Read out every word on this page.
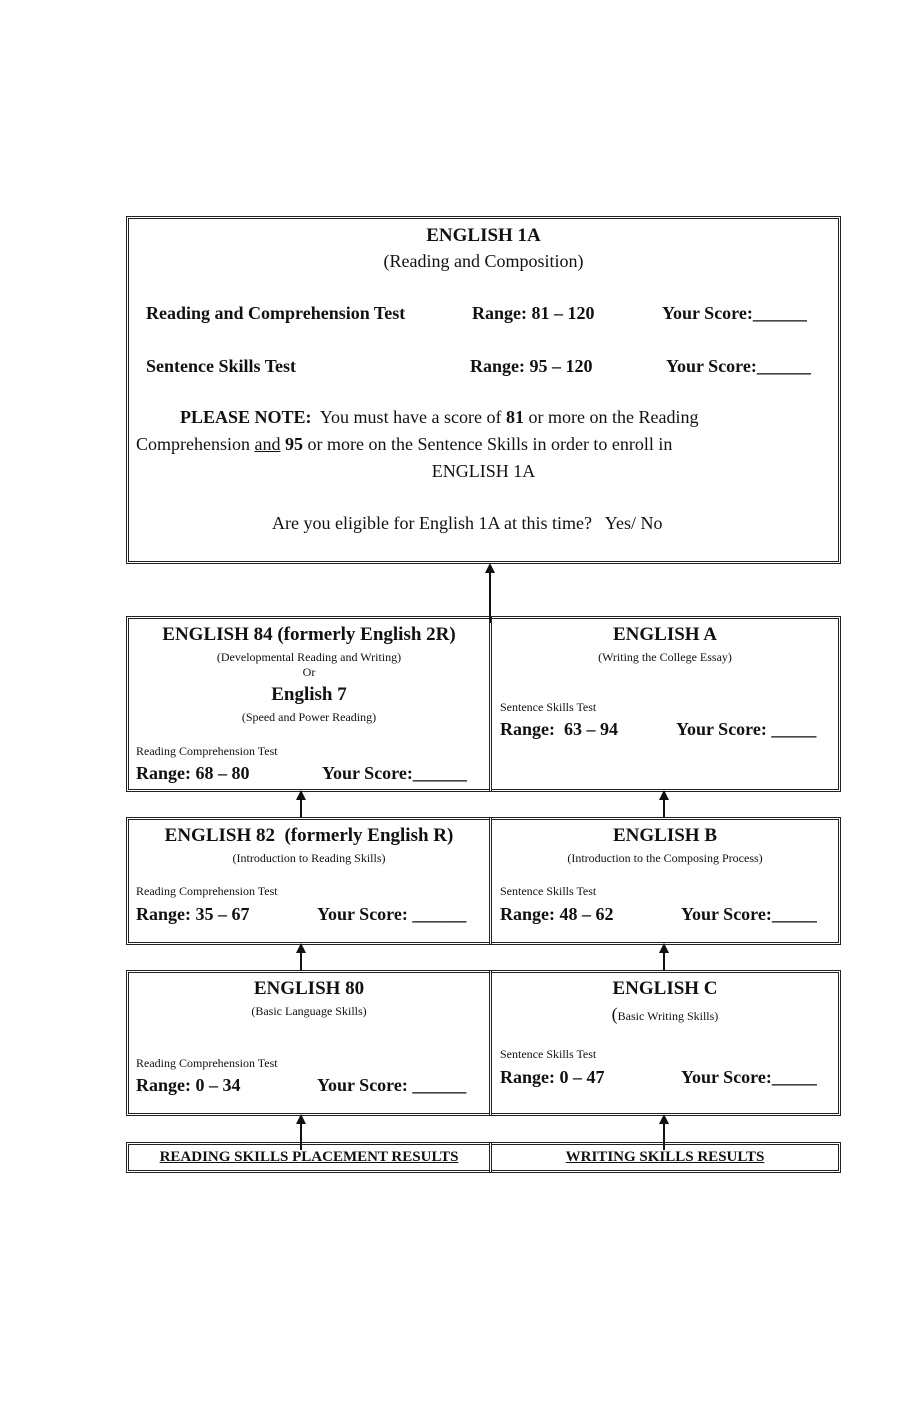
ENGLISH 1A
(Reading and Composition)
Reading and Comprehension Test	Range: 81 – 120	Your Score:______
Sentence Skills Test	Range: 95 – 120	Your Score:______
PLEASE NOTE:  You must have a score of 81 or more on the Reading
Comprehension and 95 or more on the Sentence Skills in order to enroll in
ENGLISH 1A
Are you eligible for English 1A at this time?   Yes/ No
ENGLISH 84 (formerly English 2R)
(Developmental Reading and Writing)
Or
English 7
(Speed and Power Reading)
Reading Comprehension Test
Range: 68 – 80	Your Score:______
ENGLISH A
(Writing the College Essay)
Sentence Skills Test
Range:  63 – 94	Your Score: _____
ENGLISH 82  (formerly English R)
(Introduction to Reading Skills)
Reading Comprehension Test
Range: 35 – 67	Your Score: ______
ENGLISH B
(Introduction to the Composing Process)
Sentence Skills Test
Range: 48 – 62	Your Score:_____
ENGLISH 80
(Basic Language Skills)
Reading Comprehension Test
Range: 0 – 34	Your Score: ______
ENGLISH C
(Basic Writing Skills)
Sentence Skills Test
Range: 0 – 47	Your Score:_____
READING SKILLS PLACEMENT RESULTS	WRITING SKILLS RESULTS
